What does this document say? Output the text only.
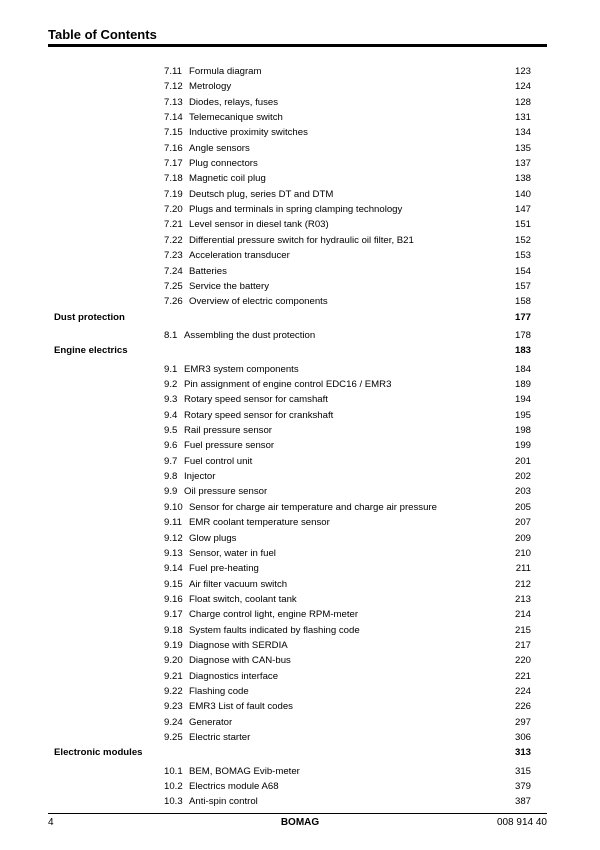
Table of Contents
7.11 Formula diagram	123
7.12 Metrology	124
7.13 Diodes, relays, fuses	128
7.14 Telemecanique switch	131
7.15 Inductive proximity switches	134
7.16 Angle sensors	135
7.17 Plug connectors	137
7.18 Magnetic coil plug	138
7.19 Deutsch plug, series DT and DTM	140
7.20 Plugs and terminals in spring clamping technology	147
7.21 Level sensor in diesel tank (R03)	151
7.22 Differential pressure switch for hydraulic oil filter, B21	152
7.23 Acceleration transducer	153
7.24 Batteries	154
7.25 Service the battery	157
7.26 Overview of electric components	158
Dust protection	177
8.1 Assembling the dust protection	178
Engine electrics	183
9.1 EMR3 system components	184
9.2 Pin assignment of engine control EDC16 / EMR3	189
9.3 Rotary speed sensor for camshaft	194
9.4 Rotary speed sensor for crankshaft	195
9.5 Rail pressure sensor	198
9.6 Fuel pressure sensor	199
9.7 Fuel control unit	201
9.8 Injector	202
9.9 Oil pressure sensor	203
9.10 Sensor for charge air temperature and charge air pressure	205
9.11 EMR coolant temperature sensor	207
9.12 Glow plugs	209
9.13 Sensor, water in fuel	210
9.14 Fuel pre-heating	211
9.15 Air filter vacuum switch	212
9.16 Float switch, coolant tank	213
9.17 Charge control light, engine RPM-meter	214
9.18 System faults indicated by flashing code	215
9.19 Diagnose with SERDIA	217
9.20 Diagnose with CAN-bus	220
9.21 Diagnostics interface	221
9.22 Flashing code	224
9.23 EMR3 List of fault codes	226
9.24 Generator	297
9.25 Electric starter	306
Electronic modules	313
10.1 BEM, BOMAG Evib-meter	315
10.2 Electrics module A68	379
10.3 Anti-spin control	387
4	BOMAG	008 914 40
